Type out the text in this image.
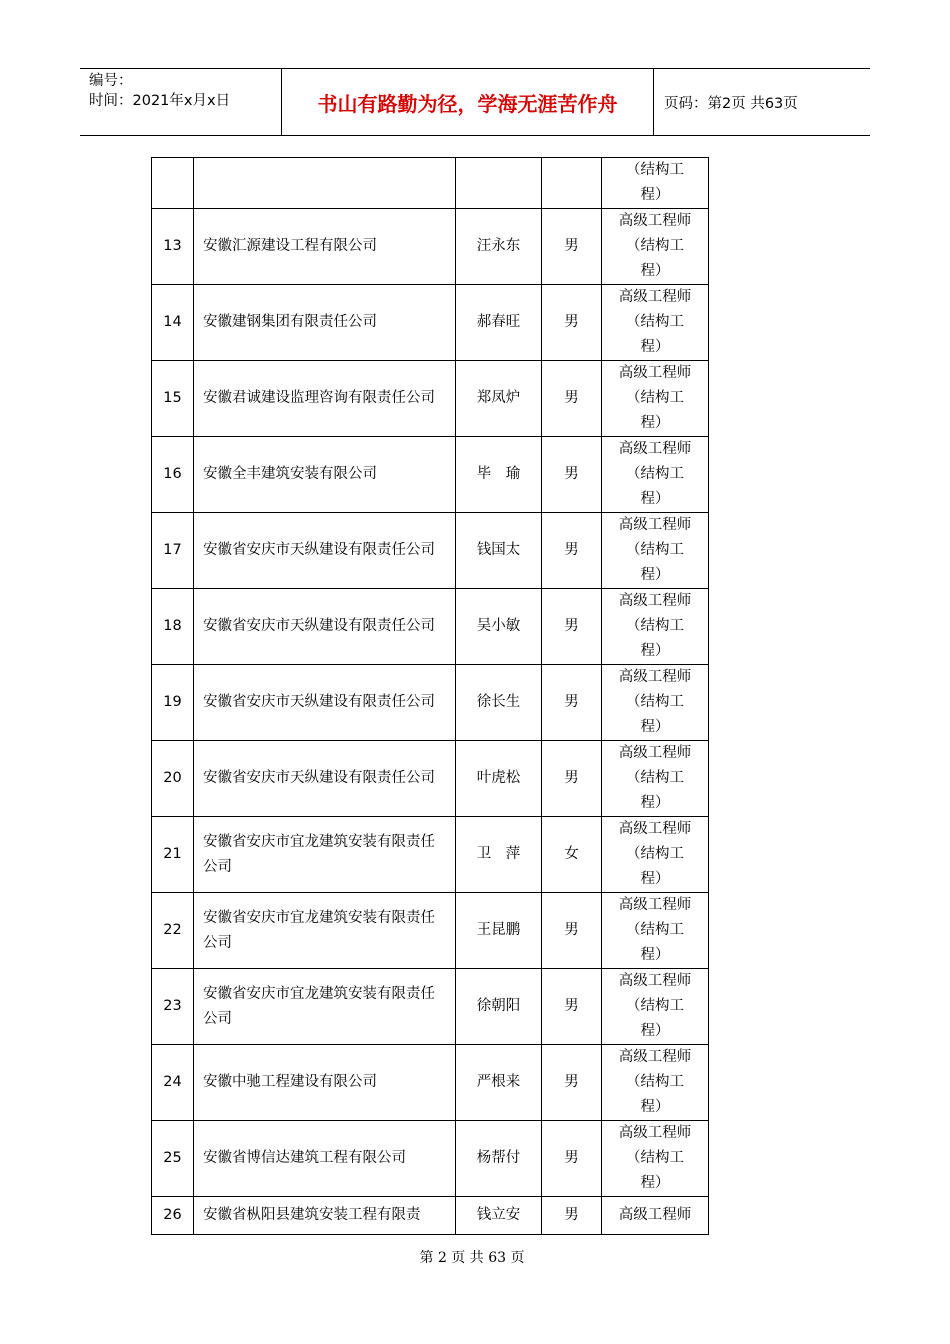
编号：
时间：2021年x月x日	书山有路勤为径，学海无涯苦作舟	页码：第2页 共63页

				（结构工
程）

13	安徽汇源建设工程有限公司	汪永东	男	高级工程师
（结构工
程）

14	安徽建钢集团有限责任公司	郝春旺	男	高级工程师
（结构工
程）

15	安徽君诚建设监理咨询有限责任公司	郑凤炉	男	高级工程师
（结构工
程）

16	安徽全丰建筑安装有限公司	毕　瑜	男	高级工程师
（结构工
程）

17	安徽省安庆市天纵建设有限责任公司	钱国太	男	高级工程师
（结构工
程）

18	安徽省安庆市天纵建设有限责任公司	吴小敏	男	高级工程师
（结构工
程）

19	安徽省安庆市天纵建设有限责任公司	徐长生	男	高级工程师
（结构工
程）

20	安徽省安庆市天纵建设有限责任公司	叶虎松	男	高级工程师
（结构工
程）

21	安徽省安庆市宜龙建筑安装有限责任公司	卫　萍	女	高级工程师
（结构工
程）

22	安徽省安庆市宜龙建筑安装有限责任公司	王昆鹏	男	高级工程师
（结构工
程）

23	安徽省安庆市宜龙建筑安装有限责任公司	徐朝阳	男	高级工程师
（结构工
程）

24	安徽中驰工程建设有限公司	严根来	男	高级工程师
（结构工
程）

25	安徽省博信达建筑工程有限公司	杨帮付	男	高级工程师
（结构工
程）

26	安徽省枞阳县建筑安装工程有限责	钱立安	男	高级工程师
第 2 页 共 63 页
